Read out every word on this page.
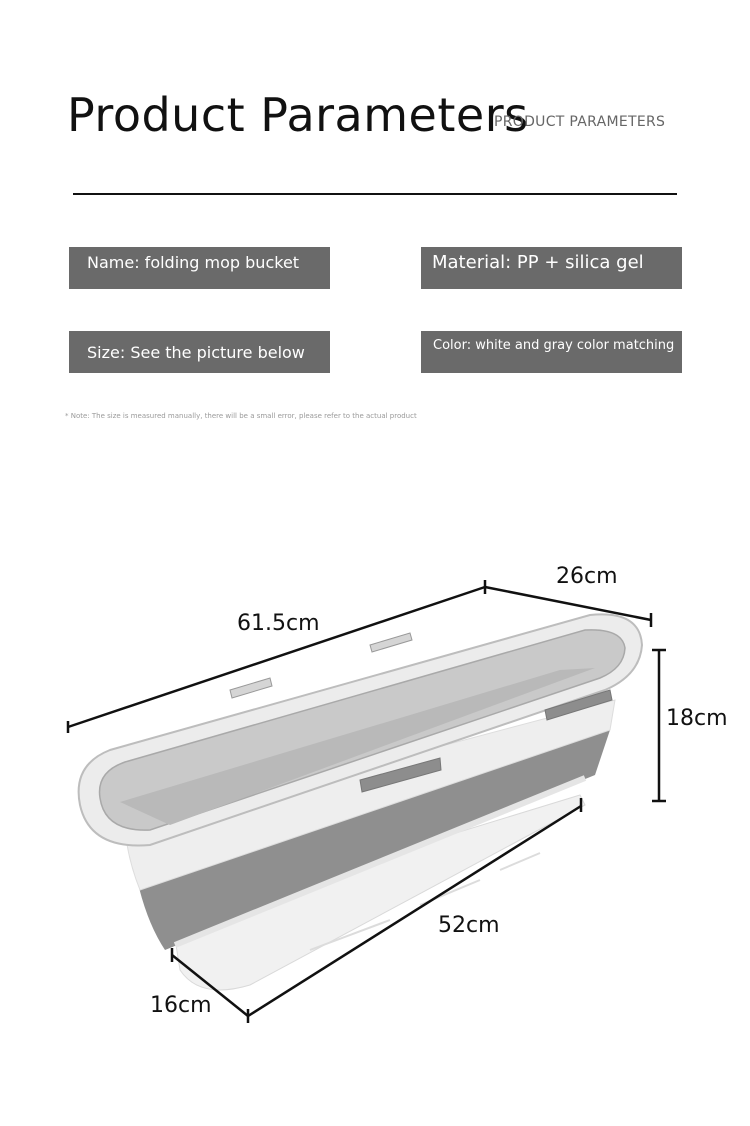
Product Parameters
PRODUCT PARAMETERS
Name: folding mop bucket	Material: PP + silica gel
Size: See the picture below	Color: white and gray color matching
* Note: The size is measured manually, there will be a small error, please refer to the actual product
61.5cm
26cm
18cm
52cm
16cm
